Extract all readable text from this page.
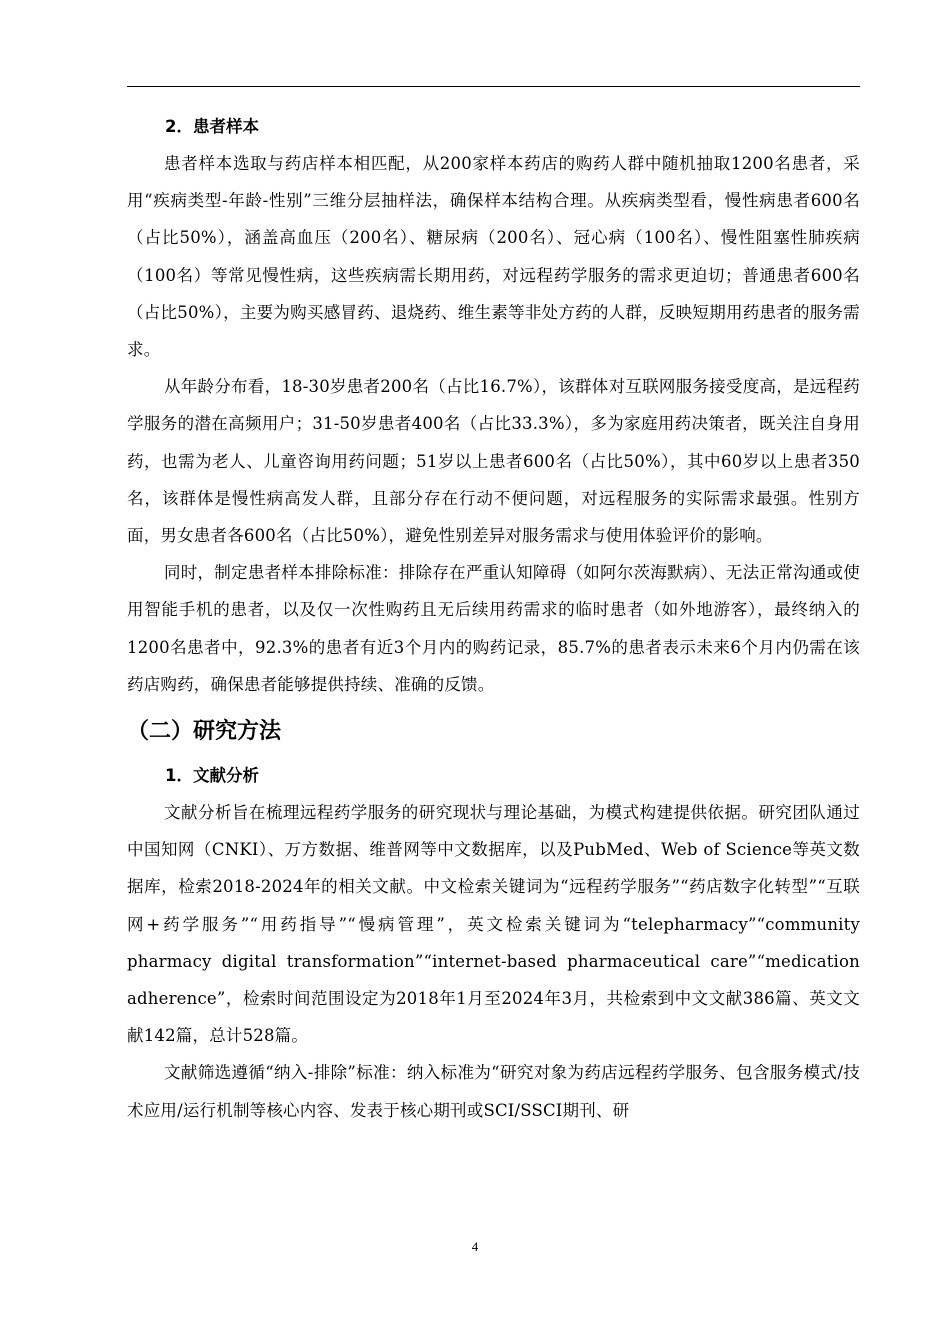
2．患者样本

患者样本选取与药店样本相匹配，从200家样本药店的购药人群中随机抽取1200名患者，采用“疾病类型-年龄-性别”三维分层抽样法，确保样本结构合理。从疾病类型看，慢性病患者600名（占比50%），涵盖高血压（200名）、糖尿病（200名）、冠心病（100名）、慢性阻塞性肺疾病（100名）等常见慢性病，这些疾病需长期用药，对远程药学服务的需求更迫切；普通患者600名（占比50%），主要为购买感冒药、退烧药、维生素等非处方药的人群，反映短期用药患者的服务需求。

从年龄分布看，18-30岁患者200名（占比16.7%），该群体对互联网服务接受度高，是远程药学服务的潜在高频用户；31-50岁患者400名（占比33.3%），多为家庭用药决策者，既关注自身用药，也需为老人、儿童咨询用药问题；51岁以上患者600名（占比50%），其中60岁以上患者350名，该群体是慢性病高发人群，且部分存在行动不便问题，对远程服务的实际需求最强。性别方面，男女患者各600名（占比50%），避免性别差异对服务需求与使用体验评价的影响。

同时，制定患者样本排除标准：排除存在严重认知障碍（如阿尔茨海默病）、无法正常沟通或使用智能手机的患者，以及仅一次性购药且无后续用药需求的临时患者（如外地游客），最终纳入的1200名患者中，92.3%的患者有近3个月内的购药记录，85.7%的患者表示未来6个月内仍需在该药店购药，确保患者能够提供持续、准确的反馈。

（二）研究方法
1．文献分析

文献分析旨在梳理远程药学服务的研究现状与理论基础，为模式构建提供依据。研究团队通过中国知网（CNKI）、万方数据、维普网等中文数据库，以及PubMed、Web of Science等英文数据库，检索2018-2024年的相关文献。中文检索关键词为“远程药学服务”“药店数字化转型”“互联网+药学服务”“用药指导”“慢病管理”，英文检索关键词为“telepharmacy”“community pharmacy digital transformation”“internet-based pharmaceutical care”“medication adherence”，检索时间范围设定为2018年1月至2024年3月，共检索到中文文献386篇、英文文献142篇，总计528篇。

文献筛选遵循“纳入-排除”标准：纳入标准为“研究对象为药店远程药学服务、包含服务模式/技术应用/运行机制等核心内容、发表于核心期刊或SCI/SSCI期刊、研

4
